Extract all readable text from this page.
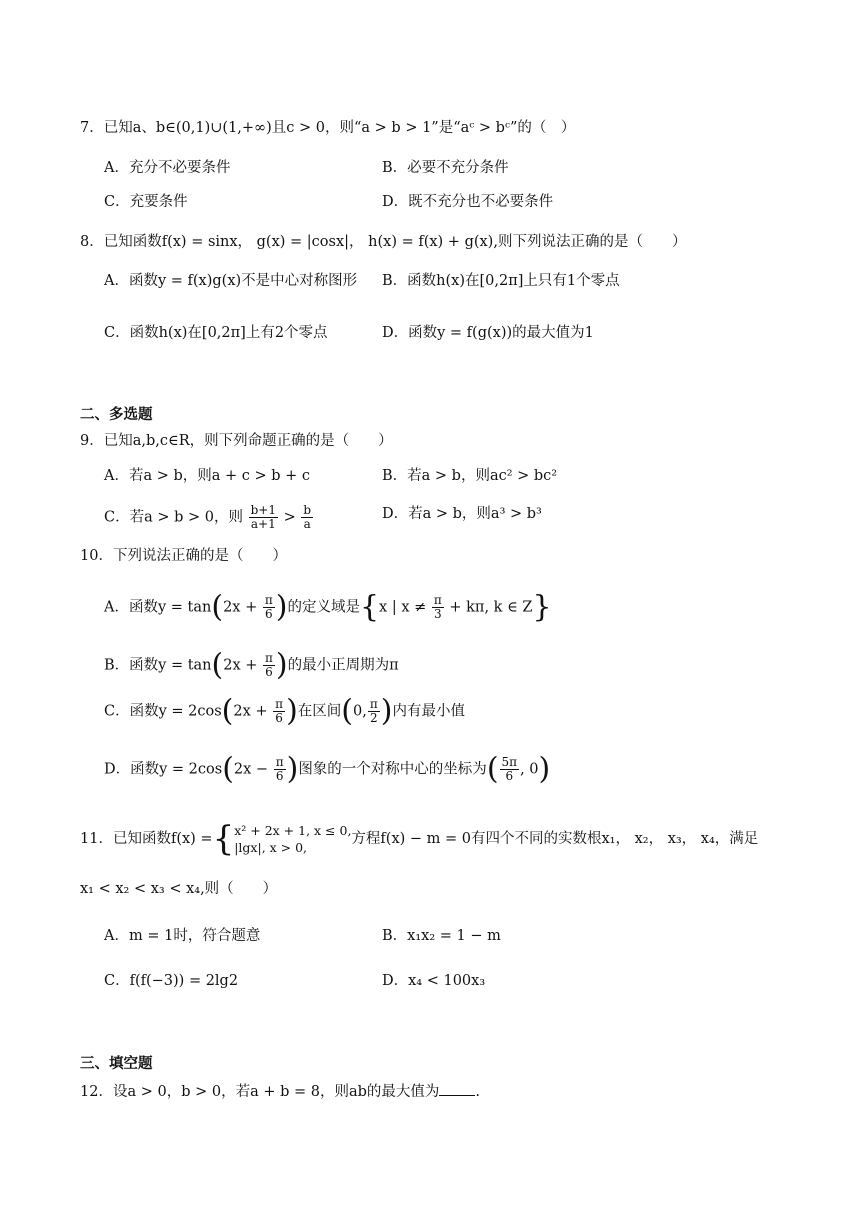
7．已知a、b∈(0,1)∪(1,+∞)且c > 0，则“a > b > 1”是“aᶜ > bᶜ”的（　）
A．充分不必要条件	B．必要不充分条件
C．充要条件	D．既不充分也不必要条件
8．已知函数f(x) = sinx， g(x) = |cosx|， h(x) = f(x) + g(x),则下列说法正确的是（　　）
A．函数y = f(x)g(x)不是中心对称图形 B．函数h(x)在[0,2π]上只有1个零点
C．函数h(x)在[0,2π]上有2个零点	D．函数y = f(g(x))的最大值为1
二、多选题
9．已知a,b,c∈R，则下列命题正确的是（　　）
A．若a > b，则a + c > b + c	B．若a > b，则ac² > bc²
C．若a > b > 0，则 $\frac{b+1}{a+1} > \frac{b}{a}$	D．若a > b，则a³ > b³
10．下列说法正确的是（　　）
A．函数$y = \tan(2x + \frac{\pi}{6}$ )的定义域是{x | $x \ne \frac{\pi}{3} + k\pi$, k ∈ Z}
B．函数$y = \tan(2x + \frac{\pi}{6}$ )的最小正周期为π
C．函数$y = 2\cos(2x + \frac{\pi}{6}$ )在区间(0, $\frac{\pi}{2}$ )内有最小值
D．函数$y = 2\cos(2x - \frac{\pi}{6}$ )图象的一个对称中心的坐标为( $\frac{5\pi}{6}$ , 0)
11．已知函数f(x) ={ x² + 2x + 1, x ≤ 0,
|lgx|, x > 0,
方程f(x) − m = 0有四个不同的实数根x₁， x₂， x₃， x₄，满足
x₁ < x₂ < x₃ < x₄,则（　　）
A．m = 1时，符合题意	B．x₁x₂ = 1 − m
C．f(f(−3)) = 2lg2	D．x₄ < 100x₃
三、填空题
12．设a > 0，b > 0，若a + b = 8，则ab的最大值为 .
